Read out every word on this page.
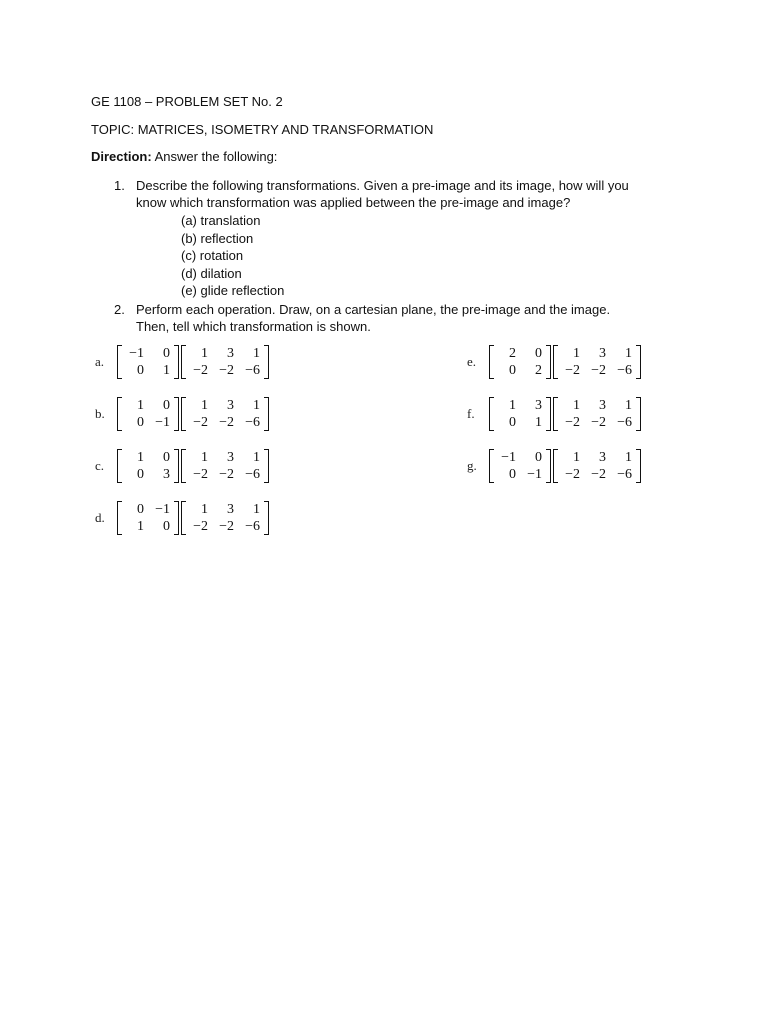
GE 1108 – PROBLEM SET No. 2
TOPIC: MATRICES, ISOMETRY AND TRANSFORMATION
Direction: Answer the following:
1. Describe the following transformations. Given a pre-image and its image, how will you
know which transformation was applied between the pre-image and image?
(a) translation
(b) reflection
(c) rotation
(d) dilation
(e) glide reflection
2. Perform each operation. Draw, on a cartesian plane, the pre-image and the image.
Then, tell which transformation is shown.
a.
−1	0
0	1
1	3	1
−2	−2	−6
b.
1	0
0	−1
1	3	1
−2	−2	−6
c.
1	0
0	3
1	3	1
−2	−2	−6
d.
0	−1
1	0
1	3	1
−2	−2	−6
e.
2	0
0	2
1	3	1
−2	−2	−6
f.
1	3
0	1
1	3	1
−2	−2	−6
g.
−1	0
0	−1
1	3	1
−2	−2	−6
